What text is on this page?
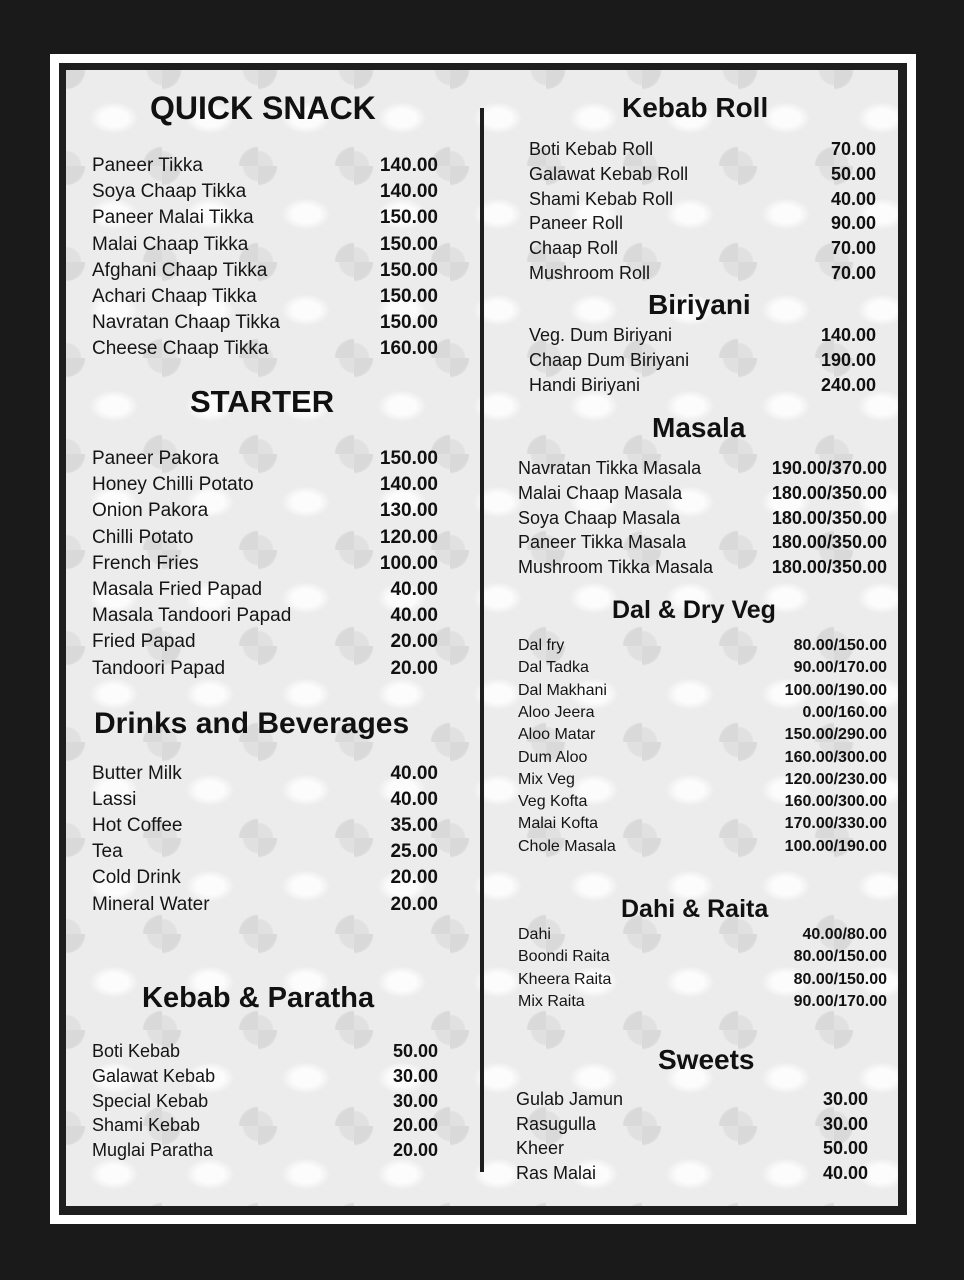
QUICK SNACK
STARTER
Drinks and Beverages
Kebab & Paratha
Kebab Roll
Biriyani
Masala
Dal & Dry Veg
Dahi & Raita
Sweets
Paneer Tikka	140.00
Soya Chaap Tikka	140.00
Paneer Malai Tikka	150.00
Malai Chaap Tikka	150.00
Afghani Chaap Tikka	150.00
Achari Chaap Tikka	150.00
Navratan Chaap Tikka	150.00
Cheese Chaap Tikka	160.00
Paneer Pakora	150.00
Honey Chilli Potato	140.00
Onion Pakora	130.00
Chilli Potato	120.00
French Fries	100.00
Masala Fried Papad	40.00
Masala Tandoori Papad	40.00
Fried Papad	20.00
Tandoori Papad	20.00
Butter Milk	40.00
Lassi	40.00
Hot Coffee	35.00
Tea	25.00
Cold Drink	20.00
Mineral Water	20.00
Boti Kebab	50.00
Galawat Kebab	30.00
Special Kebab	30.00
Shami Kebab	20.00
Muglai Paratha	20.00
Boti Kebab Roll	70.00
Galawat Kebab Roll	50.00
Shami Kebab Roll	40.00
Paneer Roll	90.00
Chaap Roll	70.00
Mushroom Roll	70.00
Veg. Dum Biriyani	140.00
Chaap Dum Biriyani	190.00
Handi Biriyani	240.00
Navratan Tikka Masala	190.00/370.00
Malai Chaap Masala	180.00/350.00
Soya Chaap Masala	180.00/350.00
Paneer Tikka Masala	180.00/350.00
Mushroom Tikka Masala	180.00/350.00
Dal fry	80.00/150.00
Dal Tadka	90.00/170.00
Dal Makhani	100.00/190.00
Aloo Jeera	0.00/160.00
Aloo Matar	150.00/290.00
Dum Aloo	160.00/300.00
Mix Veg	120.00/230.00
Veg Kofta	160.00/300.00
Malai Kofta	170.00/330.00
Chole Masala	100.00/190.00
Dahi	40.00/80.00
Boondi Raita	80.00/150.00
Kheera Raita	80.00/150.00
Mix Raita	90.00/170.00
Gulab Jamun	30.00
Rasugulla	30.00
Kheer	50.00
Ras Malai	40.00
